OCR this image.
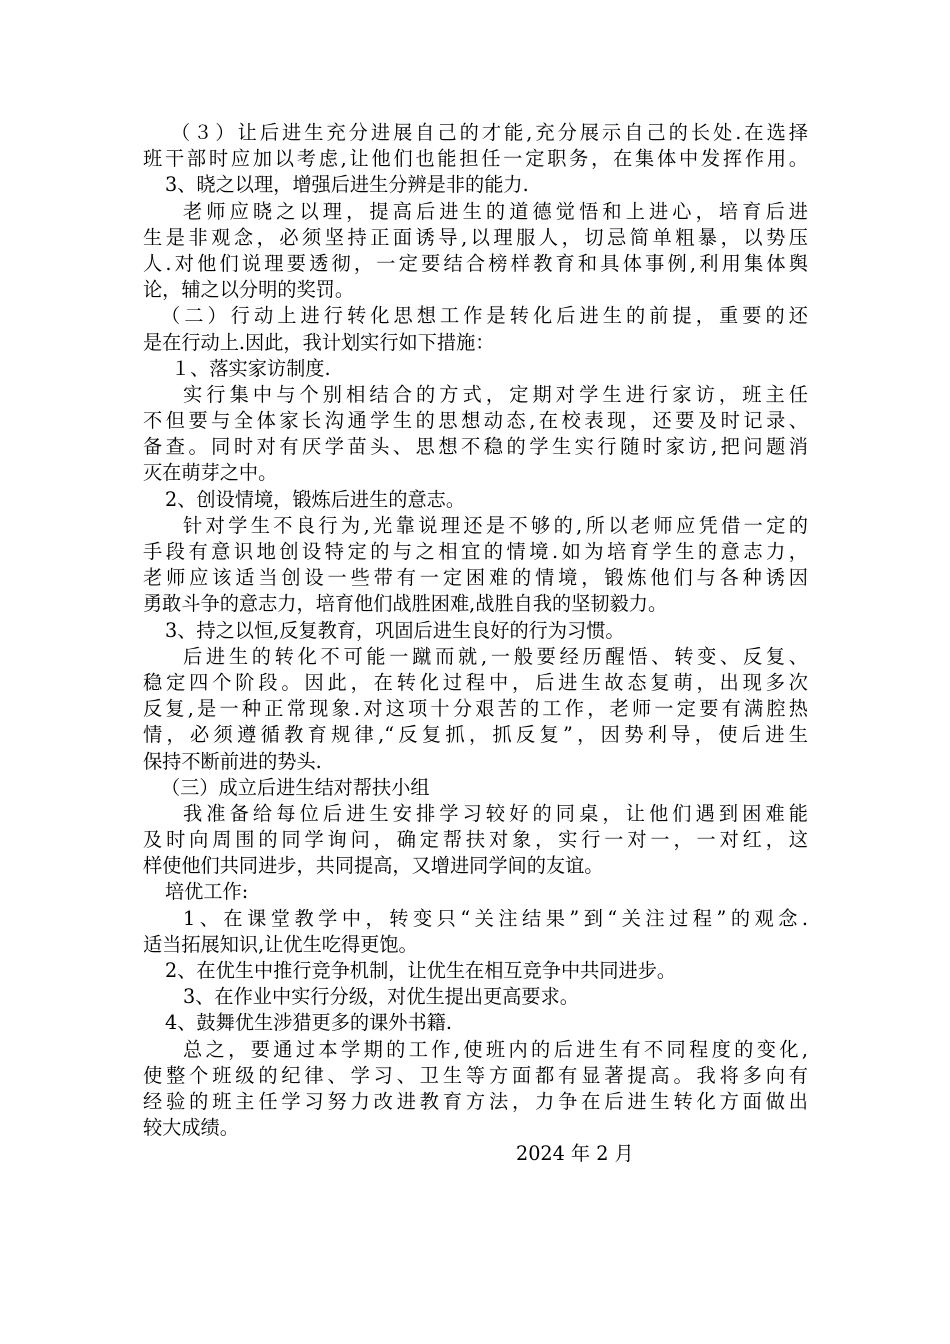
（３）让后进生充分进展自己的才能,充分展示自己的长处.在选择
班干部时应加以考虑,让他们也能担任一定职务，在集体中发挥作用。
3、晓之以理，增强后进生分辨是非的能力.
老师应晓之以理，提高后进生的道德觉悟和上进心，培育后进
生是非观念，必须坚持正面诱导,以理服人，切忌简单粗暴，以势压
人.对他们说理要透彻，一定要结合榜样教育和具体事例,利用集体舆
论，辅之以分明的奖罚。
（二）行动上进行转化思想工作是转化后进生的前提，重要的还
是在行动上.因此，我计划实行如下措施：
１、落实家访制度.
实行集中与个别相结合的方式，定期对学生进行家访，班主任
不但要与全体家长沟通学生的思想动态,在校表现，还要及时记录、
备查。同时对有厌学苗头、思想不稳的学生实行随时家访,把问题消
灭在萌芽之中。
2、创设情境，锻炼后进生的意志。
针对学生不良行为,光靠说理还是不够的,所以老师应凭借一定的
手段有意识地创设特定的与之相宜的情境.如为培育学生的意志力，
老师应该适当创设一些带有一定困难的情境，锻炼他们与各种诱因
勇敢斗争的意志力，培育他们战胜困难,战胜自我的坚韧毅力。
3、持之以恒,反复教育，巩固后进生良好的行为习惯。
后进生的转化不可能一蹴而就,一般要经历醒悟、转变、反复、
稳定四个阶段。因此，在转化过程中，后进生故态复萌，出现多次
反复,是一种正常现象.对这项十分艰苦的工作，老师一定要有满腔热
情，必须遵循教育规律,“反复抓，抓反复”，因势利导，使后进生
保持不断前进的势头.
（三）成立后进生结对帮扶小组
我准备给每位后进生安排学习较好的同桌，让他们遇到困难能
及时向周围的同学询问，确定帮扶对象，实行一对一，一对红，这
样使他们共同进步，共同提高，又增进同学间的友谊。
培优工作:
1、在课堂教学中，转变只“关注结果”到“关注过程”的观念.
适当拓展知识,让优生吃得更饱。
2、在优生中推行竞争机制，让优生在相互竞争中共同进步。
3、在作业中实行分级，对优生提出更高要求。
4、鼓舞优生涉猎更多的课外书籍.
总之，要通过本学期的工作,使班内的后进生有不同程度的变化,
使整个班级的纪律、学习、卫生等方面都有显著提高。我将多向有
经验的班主任学习努力改进教育方法，力争在后进生转化方面做出
较大成绩。
2024 年 2 月
